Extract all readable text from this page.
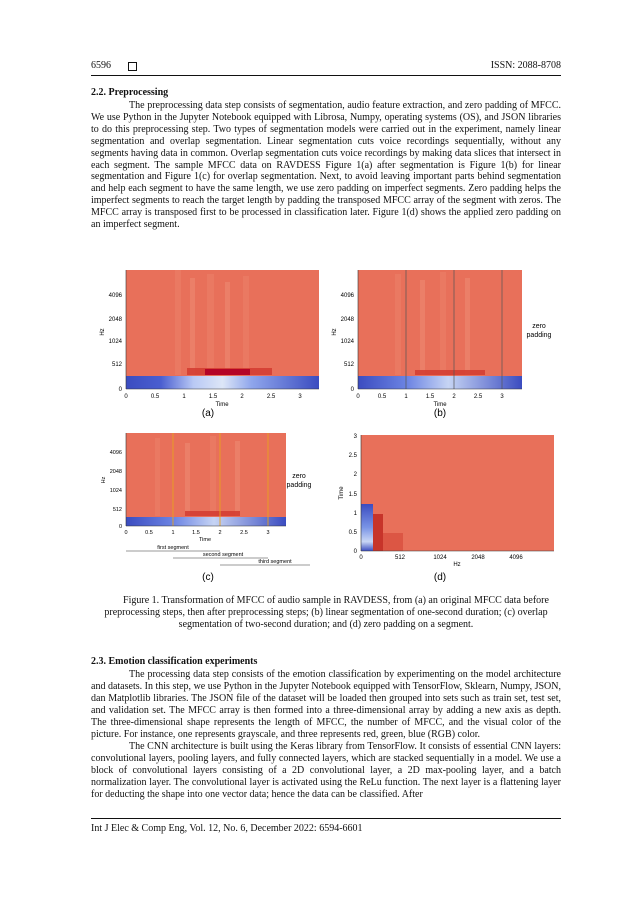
6596	ISSN: 2088-8708
2.2. Preprocessing

The preprocessing data step consists of segmentation, audio feature extraction, and zero padding of MFCC. We use Python in the Jupyter Notebook equipped with Librosa, Numpy, operating systems (OS), and JSON libraries to do this preprocessing step. Two types of segmentation models were carried out in the experiment, namely linear segmentation and overlap segmentation. Linear segmentation cuts voice recordings sequentially, without any segments having data in common. Overlap segmentation cuts voice recordings by making data slices that intersect in each segment. The sample MFCC data on RAVDESS Figure 1(a) after segmentation is Figure 1(b) for linear segmentation and Figure 1(c) for overlap segmentation. Next, to avoid leaving important parts behind segmentation and help each segment to have the same length, we use zero padding on imperfect segments. Zero padding helps the imperfect segments to reach the target length by padding the transposed MFCC array of the segment with zeros. The MFCC array is transposed first to be processed in classification later. Figure 1(d) shows the applied zero padding on an imperfect segment.

4096
2048
1024
512
0
Hz
0	0.5	1	1.5	2	2.5	3
Time
(a)
4096
2048
1024
512
0
Hz
0	0.5	1	1.5	2	2.5	3
Time
zero
padding
(b)
4096
2048
1024
512
0
Hz
0	0.5	1	1.5	2	2.5	3
Time
zero
padding
first segment
second segment
third segment
(c)
3
2.5
2
1.5
1
0.5
0
Time
0	512	1024	2048	4096
Hz
(d)

Figure 1. Transformation of MFCC of audio sample in RAVDESS, from (a) an original MFCC data before preprocessing steps, then after preprocessing steps; (b) linear segmentation of one-second duration; (c) overlap segmentation of two-second duration; and (d) zero padding on a segment.

2.3. Emotion classification experiments

The processing data step consists of the emotion classification by experimenting on the model architecture and datasets. In this step, we use Python in the Jupyter Notebook equipped with TensorFlow, Sklearn, Numpy, JSON, dan Matplotlib libraries. The JSON file of the dataset will be loaded then grouped into sets such as train set, test set, and validation set. The MFCC array is then formed into a three-dimensional array by adding a new axis as depth. The three-dimensional shape represents the length of MFCC, the number of MFCC, and the visual color of the picture. For instance, one represents grayscale, and three represents red, green, blue (RGB) color.

The CNN architecture is built using the Keras library from TensorFlow. It consists of essential CNN layers: convolutional layers, pooling layers, and fully connected layers, which are stacked sequentially in a model. We use a block of convolutional layers consisting of a 2D convolutional layer, a 2D max-pooling layer, and a batch normalization layer. The convolutional layer is activated using the ReLu function. The next layer is a flattening layer for deducting the shape into one vector data; hence the data can be classified. After

Int J Elec & Comp Eng, Vol. 12, No. 6, December 2022: 6594-6601
